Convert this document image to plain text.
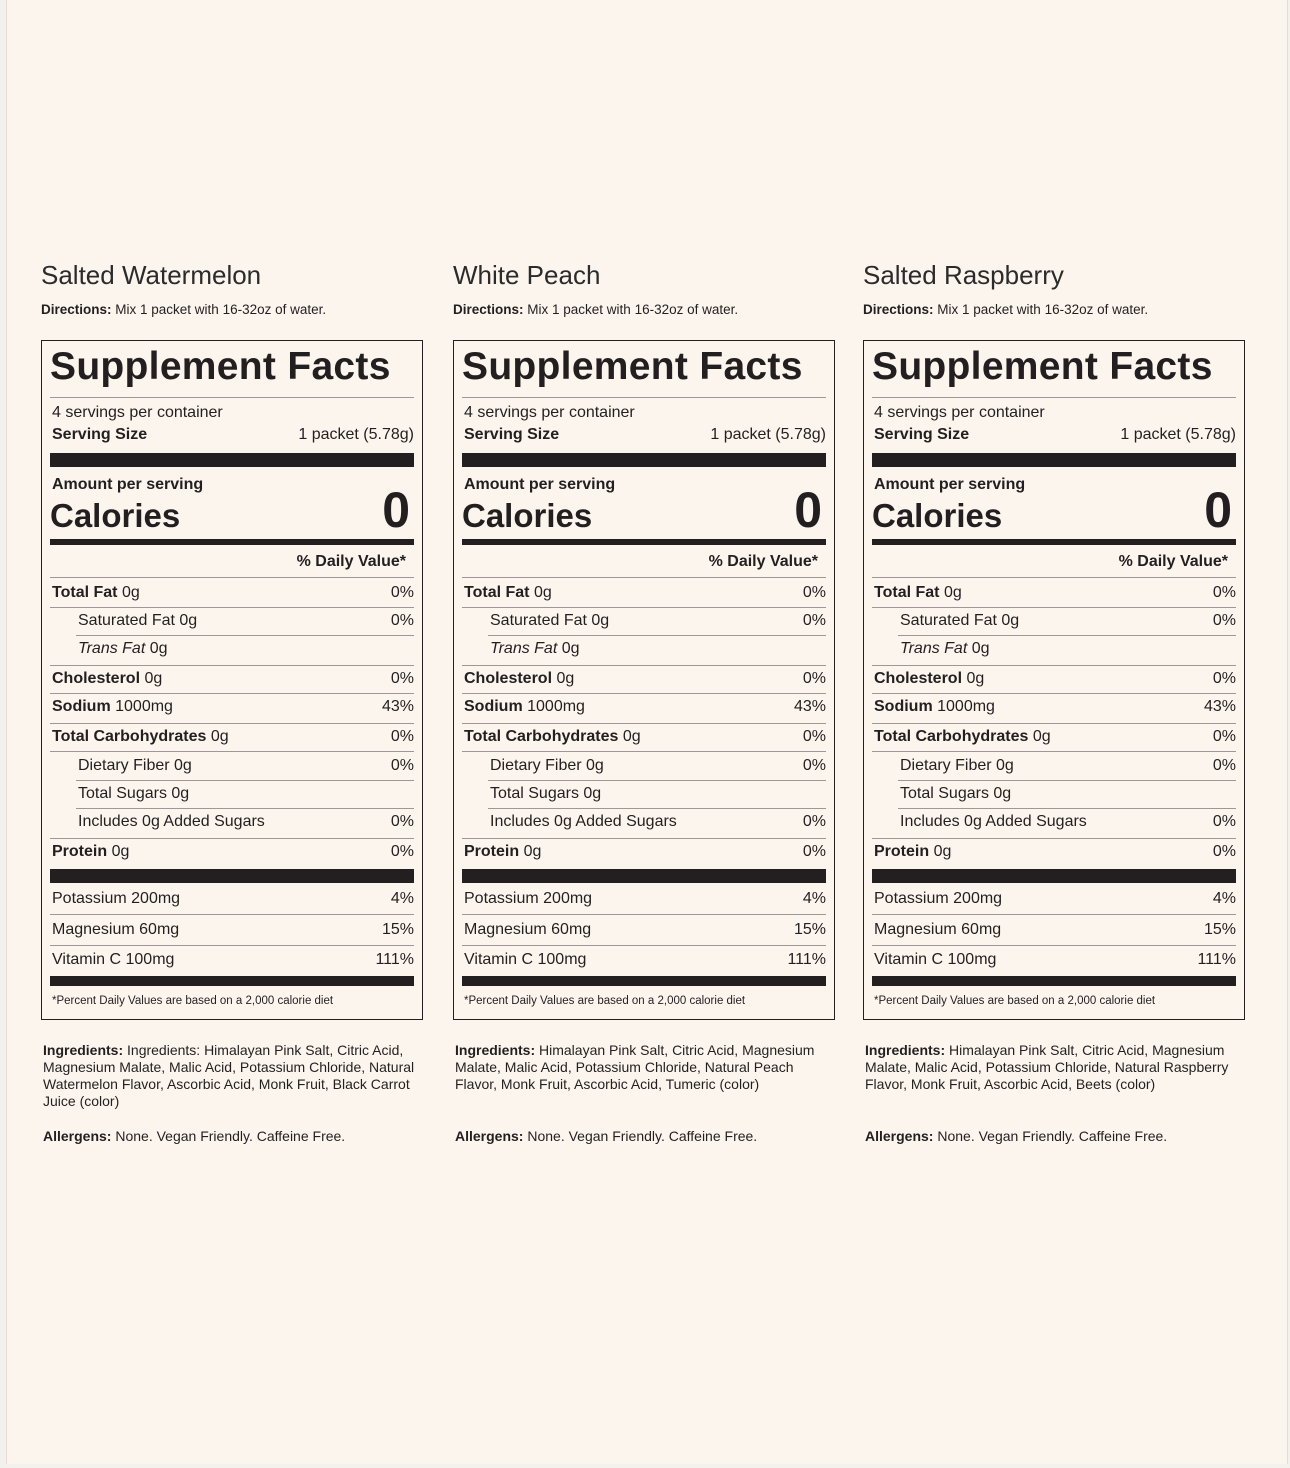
Salted Watermelon
Directions: Mix 1 packet with 16-32oz of water.
Supplement Facts
4 servings per container
Serving Size	1 packet (5.78g)
Amount per serving
Calories	0
% Daily Value*
Total Fat 0g	0%
Saturated Fat 0g	0%
Trans Fat 0g
Cholesterol 0g	0%
Sodium 1000mg	43%
Total Carbohydrates 0g	0%
Dietary Fiber 0g	0%
Total Sugars 0g
Includes 0g Added Sugars	0%
Protein 0g	0%
Potassium 200mg	4%
Magnesium 60mg	15%
Vitamin C 100mg	111%
*Percent Daily Values are based on a 2,000 calorie diet
Ingredients: Ingredients: Himalayan Pink Salt, Citric Acid, Magnesium Malate, Malic Acid, Potassium Chloride, Natural Watermelon Flavor, Ascorbic Acid, Monk Fruit, Black Carrot Juice (color)
Allergens: None. Vegan Friendly. Caffeine Free.
White Peach
Directions: Mix 1 packet with 16-32oz of water.
Supplement Facts
4 servings per container
Serving Size	1 packet (5.78g)
Amount per serving
Calories	0
% Daily Value*
Total Fat 0g	0%
Saturated Fat 0g	0%
Trans Fat 0g
Cholesterol 0g	0%
Sodium 1000mg	43%
Total Carbohydrates 0g	0%
Dietary Fiber 0g	0%
Total Sugars 0g
Includes 0g Added Sugars	0%
Protein 0g	0%
Potassium 200mg	4%
Magnesium 60mg	15%
Vitamin C 100mg	111%
*Percent Daily Values are based on a 2,000 calorie diet
Ingredients: Himalayan Pink Salt, Citric Acid, Magnesium Malate, Malic Acid, Potassium Chloride, Natural Peach Flavor, Monk Fruit, Ascorbic Acid, Tumeric (color)
Allergens: None. Vegan Friendly. Caffeine Free.
Salted Raspberry
Directions: Mix 1 packet with 16-32oz of water.
Supplement Facts
4 servings per container
Serving Size	1 packet (5.78g)
Amount per serving
Calories	0
% Daily Value*
Total Fat 0g	0%
Saturated Fat 0g	0%
Trans Fat 0g
Cholesterol 0g	0%
Sodium 1000mg	43%
Total Carbohydrates 0g	0%
Dietary Fiber 0g	0%
Total Sugars 0g
Includes 0g Added Sugars	0%
Protein 0g	0%
Potassium 200mg	4%
Magnesium 60mg	15%
Vitamin C 100mg	111%
*Percent Daily Values are based on a 2,000 calorie diet
Ingredients: Himalayan Pink Salt, Citric Acid, Magnesium Malate, Malic Acid, Potassium Chloride, Natural Raspberry Flavor, Monk Fruit, Ascorbic Acid, Beets (color)
Allergens: None. Vegan Friendly. Caffeine Free.
